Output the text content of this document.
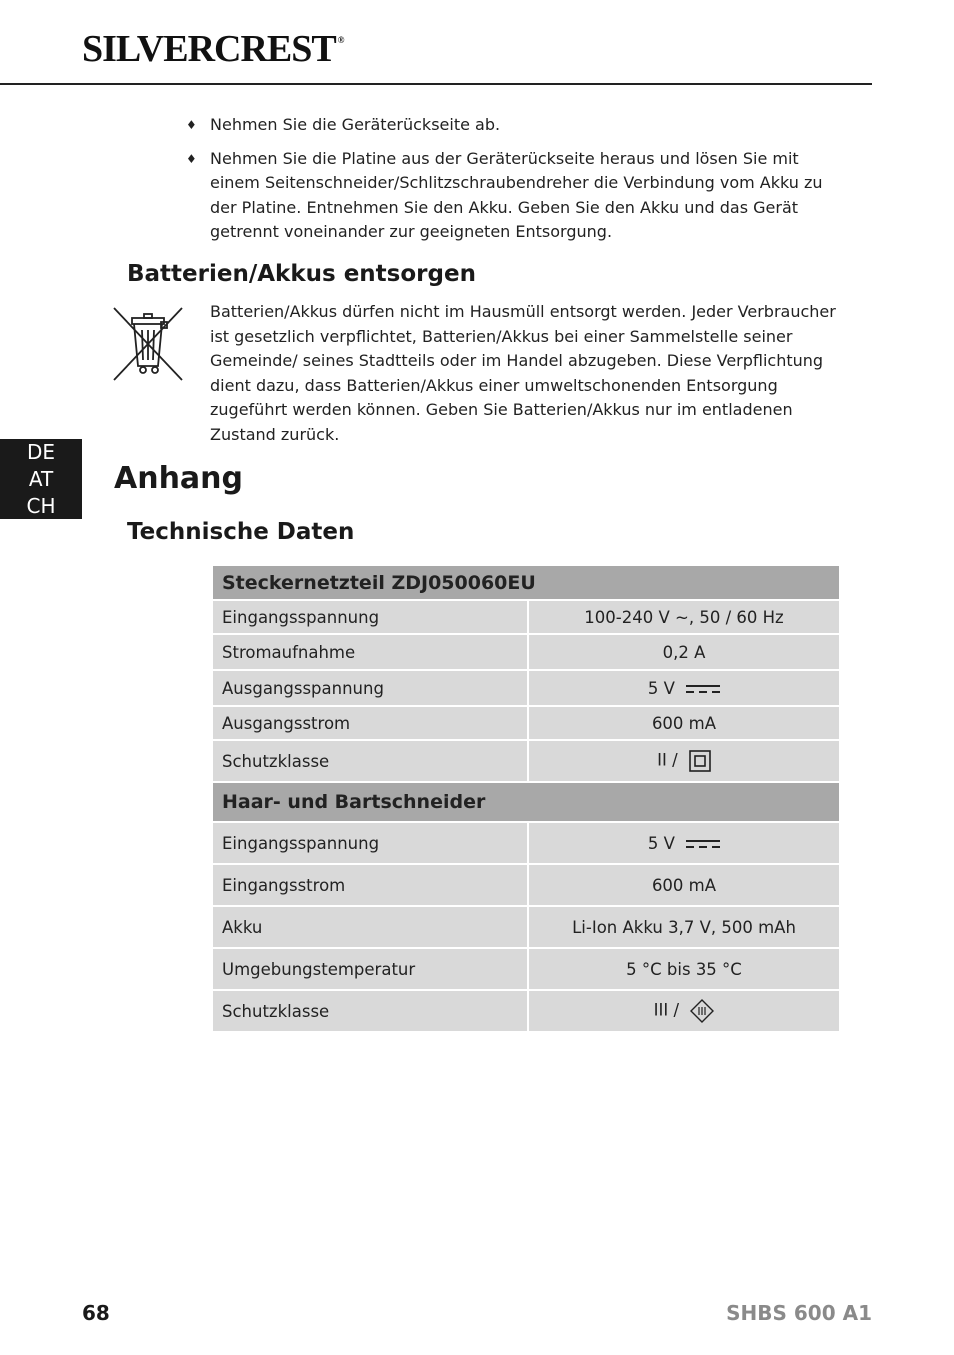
SILVERCREST ®
♦ Nehmen Sie die Geräterückseite ab.
♦ Nehmen Sie die Platine aus der Geräterückseite heraus und lösen Sie mit einem Seitenschneider/Schlitzschraubendreher die Verbindung vom Akku zu der Platine. Entnehmen Sie den Akku. Geben Sie den Akku und das Gerät getrennt voneinander zur geeigneten Entsorgung.
Batterien/Akkus entsorgen
Batterien/Akkus dürfen nicht im Hausmüll entsorgt werden. Jeder Verbraucher ist gesetzlich verpflichtet, Batterien/Akkus bei einer Sammelstelle seiner Gemeinde/ seines Stadtteils oder im Handel abzugeben. Diese Verpflichtung dient dazu, dass Batterien/Akkus einer umweltschonenden Entsorgung zugeführt werden können. Geben Sie Batterien/Akkus nur im entladenen Zustand zurück.
DE
AT
CH
Anhang
Technische Daten
Steckernetzteil ZDJ050060EU	
Eingangsspannung	100-240 V ~, 50 / 60 Hz
Stromaufnahme	0,2 A
Ausgangsspannung	5 V
Ausgangsstrom	600 mA
Schutzklasse	II /
Haar- und Bartschneider	
Eingangsspannung	5 V
Eingangsstrom	600 mA
Akku	Li-Ion Akku 3,7 V, 500 mAh
Umgebungstemperatur	5 °C bis 35 °C
Schutzklasse	III /
68	SHBS 600 A1
